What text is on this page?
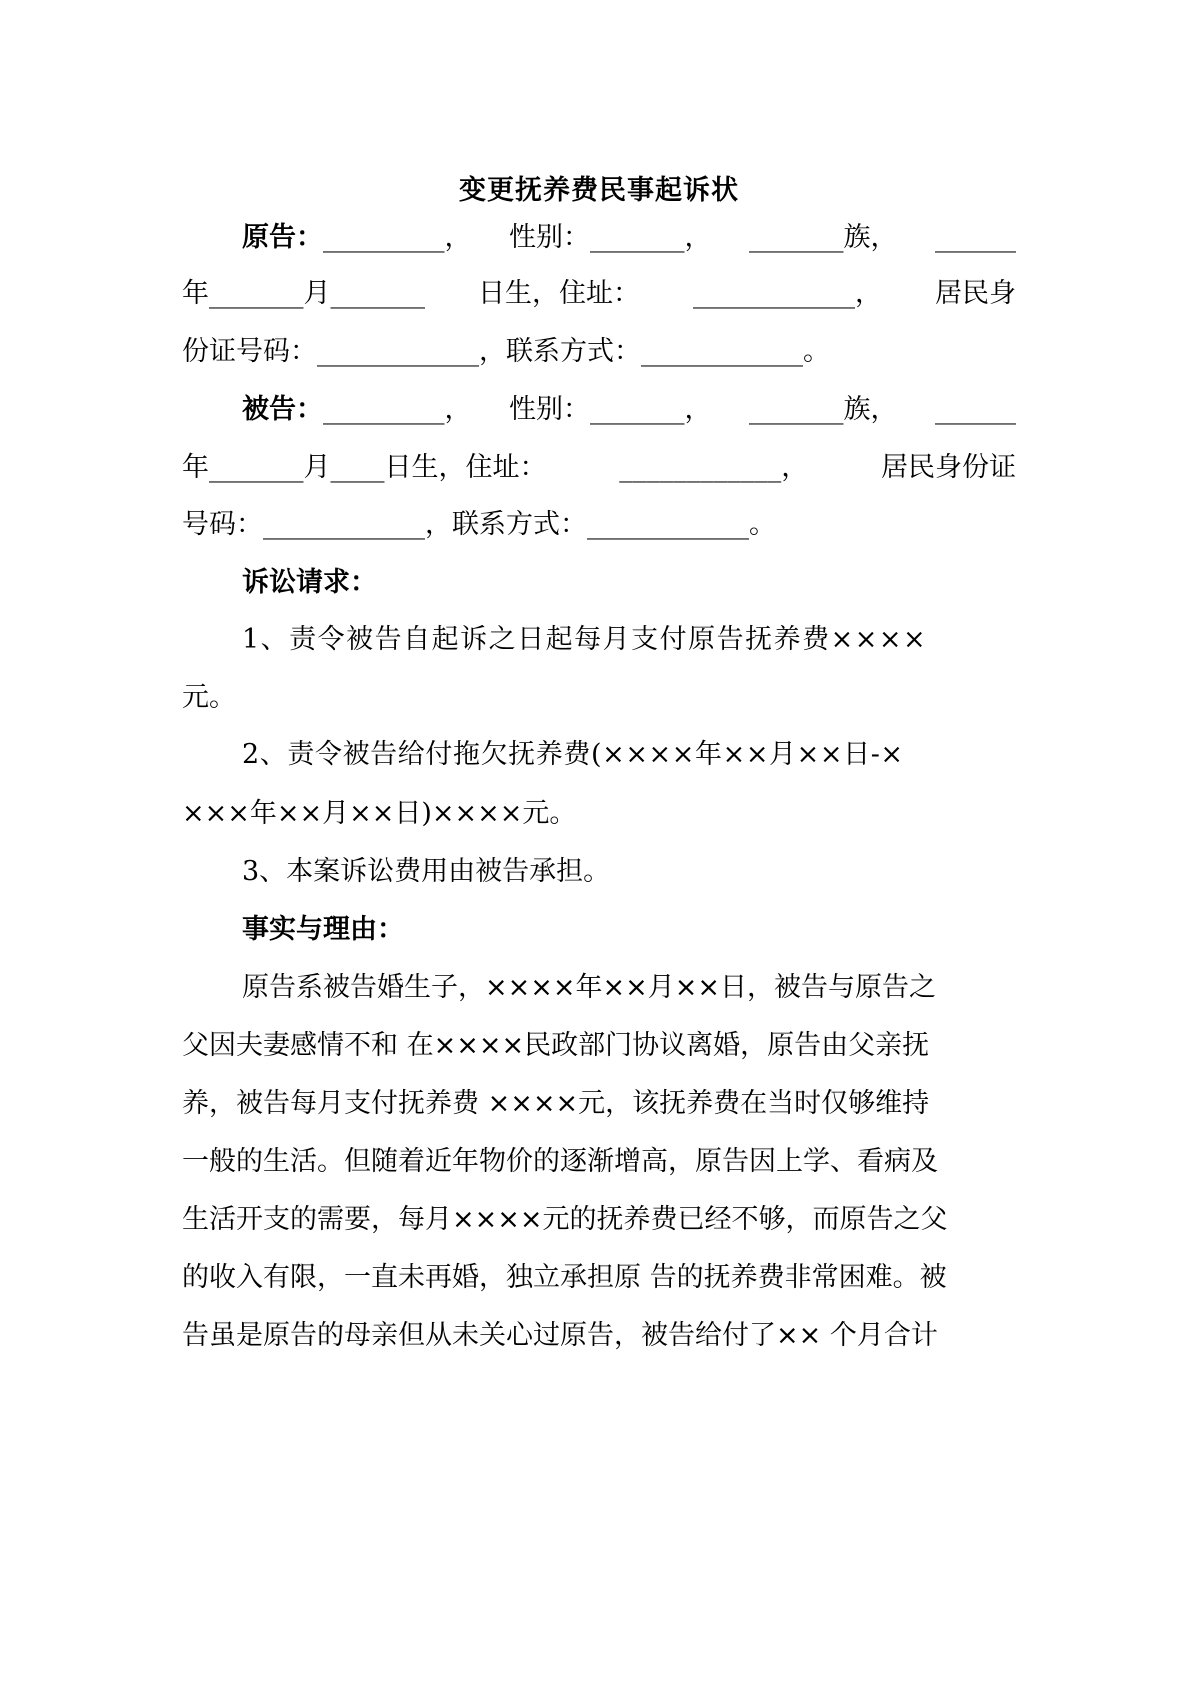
变更抚养费民事起诉状
原告：_________， 性别：_______， _______族， ______
年_______月_______ 日生，住址： ____________， 居民身
份证号码：____________，联系方式：____________。
被告：_________， 性别：_______， _______族， ______
年_______月____日生，住址：	____________，	居民身份证
号码：____________，联系方式：____________。
诉讼请求：
1、责令被告自起诉之日起每月支付原告抚养费××××
元。
2、责令被告给付拖欠抚养费(××××年××月××日-×
×××年××月××日)××××元。
3、本案诉讼费用由被告承担。
事实与理由：
原告系被告婚生子，××××年××月××日，被告与原告之
父因夫妻感情不和 在××××民政部门协议离婚，原告由父亲抚
养，被告每月支付抚养费 ××××元，该抚养费在当时仅够维持
一般的生活。但随着近年物价的逐渐增高，原告因上学、看病及
生活开支的需要，每月××××元的抚养费已经不够，而原告之父
的收入有限，一直未再婚，独立承担原 告的抚养费非常困难。被
告虽是原告的母亲但从未关心过原告，被告给付了×× 个月合计
